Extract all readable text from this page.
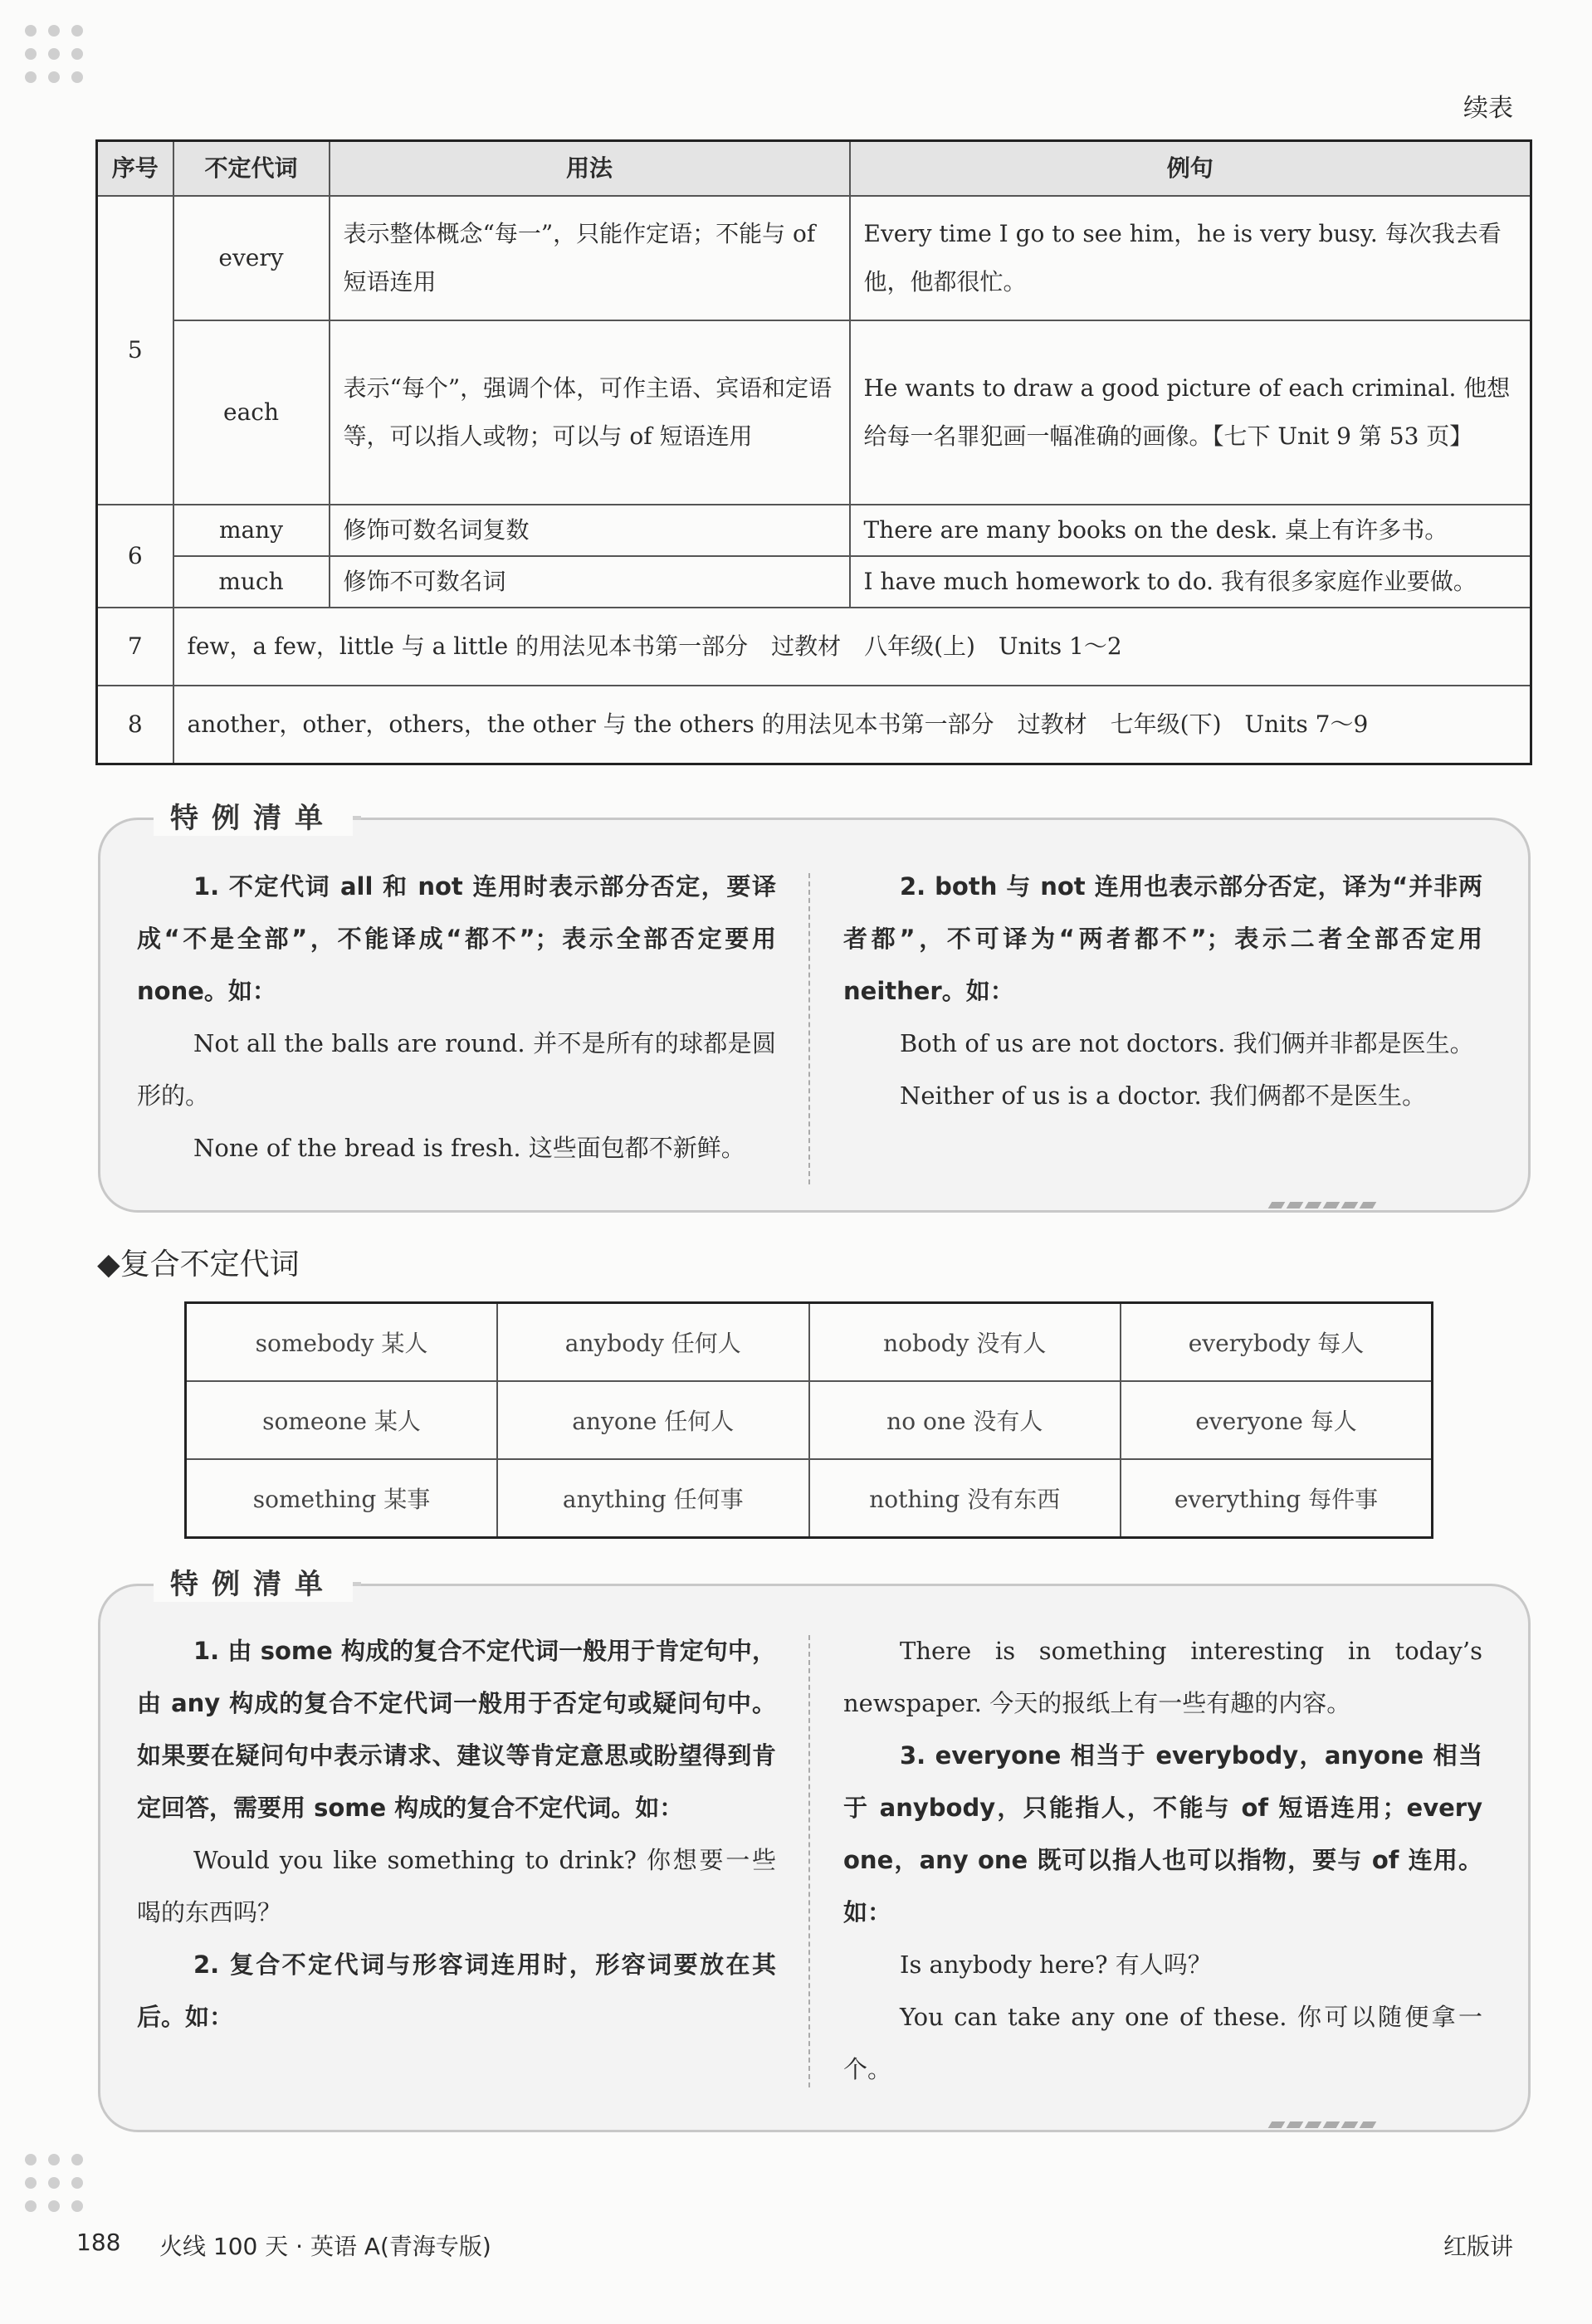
续表
序号	不定代词	用法	例句
5	every	表示整体概念“每一”，只能作定语；不能与 of 短语连用	Every time I go to see him，he is very busy. 每次我去看他，他都很忙。
	each	表示“每个”，强调个体，可作主语、宾语和定语等，可以指人或物；可以与 of 短语连用	He wants to draw a good picture of each criminal. 他想给每一名罪犯画一幅准确的画像。【七下 Unit 9 第 53 页】
6	many	修饰可数名词复数	There are many books on the desk. 桌上有许多书。
	much	修饰不可数名词	I have much homework to do. 我有很多家庭作业要做。
7	few，a few，little 与 a little 的用法见本书第一部分　过教材　八年级(上)　Units 1～2		
8	another，other，others，the other 与 the others 的用法见本书第一部分　过教材　七年级(下)　Units 7～9		
特例清单

1. 不定代词 all 和 not 连用时表示部分否定，要译成“不是全部”，不能译成“都不”；表示全部否定要用 none。如：

Not all the balls are round. 并不是所有的球都是圆形的。

None of the bread is fresh. 这些面包都不新鲜。

2. both 与 not 连用也表示部分否定，译为“并非两者都”，不可译为“两者都不”；表示二者全部否定用 neither。如：

Both of us are not doctors. 我们俩并非都是医生。

Neither of us is a doctor. 我们俩都不是医生。

◆复合不定代词
somebody 某人	anybody 任何人	nobody 没有人	everybody 每人
someone 某人	anyone 任何人	no one 没有人	everyone 每人
something 某事	anything 任何事	nothing 没有东西	everything 每件事
特例清单

1. 由 some 构成的复合不定代词一般用于肯定句中，由 any 构成的复合不定代词一般用于否定句或疑问句中。如果要在疑问句中表示请求、建议等肯定意思或盼望得到肯定回答，需要用 some 构成的复合不定代词。如：

Would you like something to drink? 你想要一些喝的东西吗？

2. 复合不定代词与形容词连用时，形容词要放在其后。如：

There is something interesting in today’s newspaper. 今天的报纸上有一些有趣的内容。

3. everyone 相当于 everybody，anyone 相当于 anybody，只能指人，不能与 of 短语连用；every one，any one 既可以指人也可以指物，要与 of 连用。如：

Is anybody here? 有人吗？

You can take any one of these. 你可以随便拿一个。

188 火线 100 天 · 英语 A(青海专版)	红版讲
